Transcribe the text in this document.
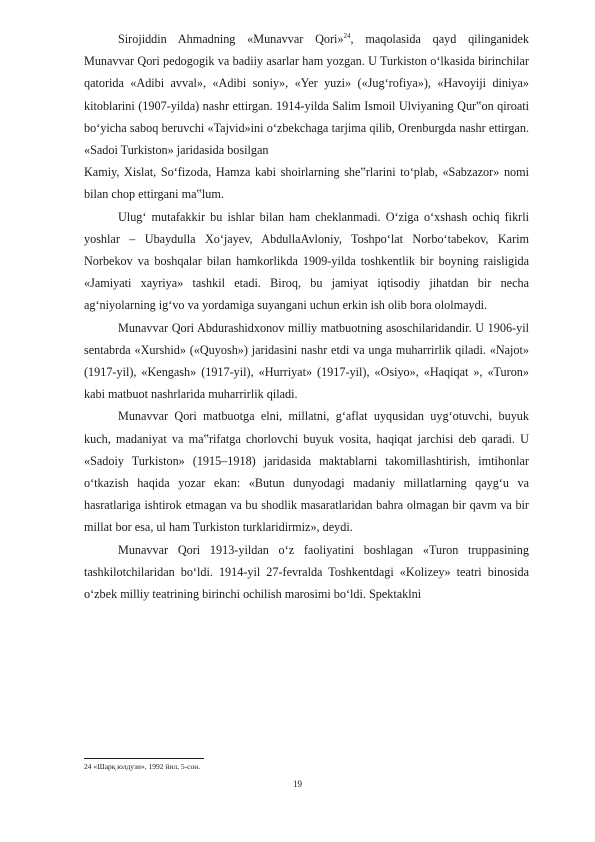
Sirojiddin Ahmadning «Munavvar Qori»$^{24}$, maqolasida qayd qilinganidek Munavvar Qori pedogogik va badiiy asarlar ham yozgan. U Turkiston o‘lkasida birinchilar qatorida «Adibi avval», «Adibi soniy», «Yer yuzi» («Jug‘rofiya»), «Havoyiji diniya» kitoblarini (1907-yilda) nashr ettirgan. 1914-yilda Salim Ismoil Ulviyaning Qur‟on qiroati bo‘yicha saboq beruvchi «Tajvid»ini o‘zbekchaga tarjima qilib, Orenburgda nashr ettirgan. «Sadoi Turkiston» jaridasida bosilgan

Kamiy, Xislat, So‘fizoda, Hamza kabi shoirlarning she‟rlarini to‘plab, «Sabzazor» nomi bilan chop ettirgani ma‟lum.

Ulug‘ mutafakkir bu ishlar bilan ham cheklanmadi. O‘ziga o‘xshash ochiq fikrli yoshlar – Ubaydulla Xo‘jayev, AbdullaAvloniy, Toshpo‘lat Norbo‘tabekov, Karim Norbekov va boshqalar bilan hamkorlikda 1909-yilda toshkentlik bir boyning raisligida «Jamiyati xayriya» tashkil etadi. Biroq, bu jamiyat iqtisodiy jihatdan bir necha ag‘niyolarning ig‘vo va yordamiga suyangani uchun erkin ish olib bora ololmaydi.

Munavvar Qori Abdurashidxonov milliy matbuotning asoschilaridandir. U 1906-yil sentabrda «Xurshid» («Quyosh») jaridasini nashr etdi va unga muharrirlik qiladi. «Najot» (1917-yil), «Kengash» (1917-yil), «Hurriyat» (1917-yil), «Osiyo», «Haqiqat », «Turon» kabi matbuot nashrlarida muharrirlik qiladi.

Munavvar Qori matbuotga elni, millatni, g‘aflat uyqusidan uyg‘otuvchi, buyuk kuch, madaniyat va ma‟rifatga chorlovchi buyuk vosita, haqiqat jarchisi deb qaradi. U «Sadoiy Turkiston» (1915–1918) jaridasida maktablarni takomillashtirish, imtihonlar o‘tkazish haqida yozar ekan: «Butun dunyodagi madaniy millatlarning qayg‘u va hasratlariga ishtirok etmagan va bu shodlik masaratlaridan bahra olmagan bir qavm va bir millat bor esa, ul ham Turkiston turklaridirmiz», deydi.

Munavvar Qori 1913-yildan o‘z faoliyatini boshlagan «Turon truppasining tashkilotchilaridan bo‘ldi. 1914-yil 27-fevralda Toshkentdagi «Kolizey» teatri binosida o‘zbek milliy teatrining birinchi ochilish marosimi bo‘ldi. Spektaklni

24 «Шарқ юлдузи», 1992 йил, 5-сон.
19
